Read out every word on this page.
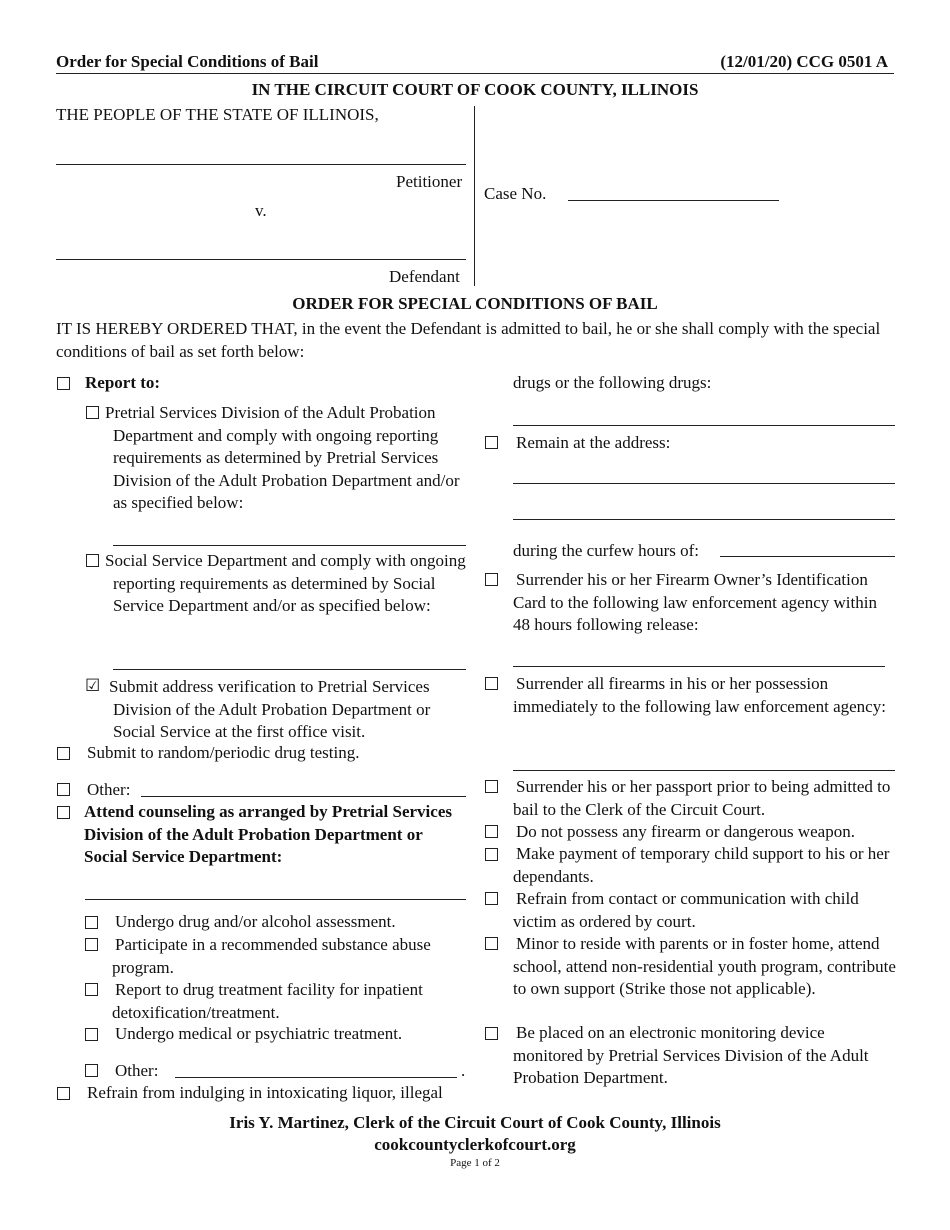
Order for Special Conditions of Bail	(12/01/20) CCG 0501 A
IN THE CIRCUIT COURT OF COOK COUNTY, ILLINOIS
THE PEOPLE OF THE STATE OF ILLINOIS,
Petitioner
v.
Defendant
Case No.
ORDER FOR SPECIAL CONDITIONS OF BAIL
IT IS HEREBY ORDERED THAT, in the event the Defendant is admitted to bail, he or she shall comply with the special conditions of bail as set forth below:
Report to:
Pretrial Services Division of the Adult Probation Department and comply with ongoing reporting requirements as determined by Pretrial Services Division of the Adult Probation Department and/or as specified below:
Social Service Department and comply with ongoing reporting requirements as determined by Social Service Department and/or as specified below:
☑ Submit address verification to Pretrial Services Division of the Adult Probation Department or Social Service at the first office visit.
Submit to random/periodic drug testing.
Other:
Attend counseling as arranged by Pretrial Services Division of the Adult Probation Department or Social Service Department:
Undergo drug and/or alcohol assessment.
Participate in a recommended substance abuse program.
Report to drug treatment facility for inpatient detoxification/treatment.
Undergo medical or psychiatric treatment.
Other:	.
Refrain from indulging in intoxicating liquor, illegal
drugs or the following drugs:
Remain at the address:
during the curfew hours of:
Surrender his or her Firearm Owner’s Identification Card to the following law enforcement agency within 48 hours following release:
Surrender all firearms in his or her possession immediately to the following law enforcement agency:
Surrender his or her passport prior to being admitted to bail to the Clerk of the Circuit Court.
Do not possess any firearm or dangerous weapon.
Make payment of temporary child support to his or her dependants.
Refrain from contact or communication with child victim as ordered by court.
Minor to reside with parents or in foster home, attend school, attend non-residential youth program, contribute to own support (Strike those not applicable).
Be placed on an electronic monitoring device monitored by Pretrial Services Division of the Adult Probation Department.
Iris Y. Martinez, Clerk of the Circuit Court of Cook County, Illinois
cookcountyclerkofcourt.org
Page 1 of 2
